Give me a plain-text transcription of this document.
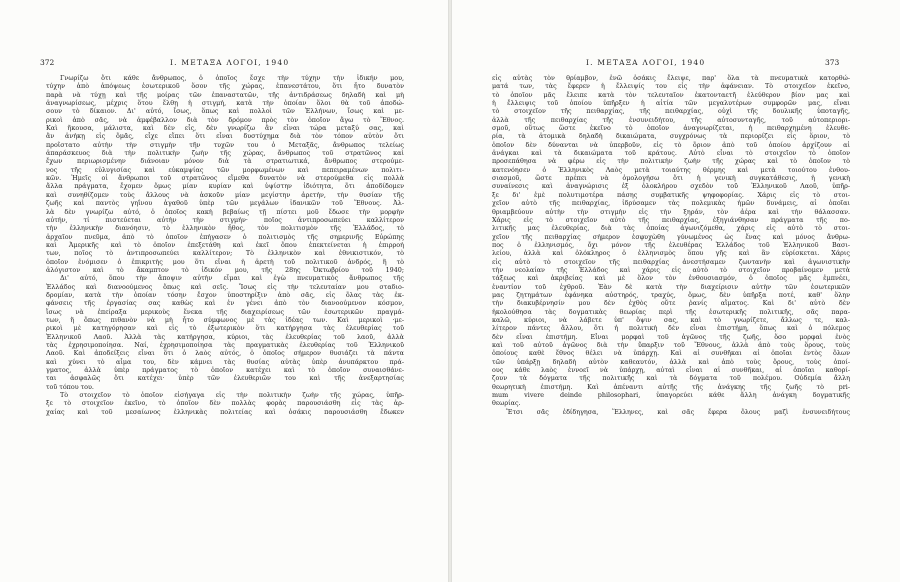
372	Ι. ΜΕΤΑΞΑ ΛΟΓΟΙ, 1940
Γνωρίζω ὅτι κάθε ἄνθρωπος, ὁ ὁποῖος ἔσχε τὴν τύχην τὴν ἰδικήν μου,
τύχην ἀπὸ ἀπόψεως ἐσωτερικοῦ ὅσον τῆς χώρας, ἐπανεστάτου, ὅτι ἦτο δυνατὸν
παρὰ νὰ τύχῃ καὶ τῆς μοίρας τῶν ἐπαναστατῶν, τῆς ἀντιδράσεως δηλαδὴ καὶ μὴ
ἀναγνωρίσεως, μέχρις ὅτου ἔλθῃ ἡ στιγμή, κατὰ τὴν ὁποίαν ὅλοι θὰ τοῦ ἀποδώ-
σουν τὸ δίκαιον. Δι' αὐτό, ἴσως, ὅπως καὶ πολλοὶ τῶν Ἑλλήνων, ἴσως καὶ με-
ρικοὶ ἀπὸ σᾶς, νὰ ἀμφέβαλλον διὰ τὸν δρόμον πρὸς τὸν ὁποῖον ἄγω τὸ Ἔθνος.
Καὶ ἤκουσα, μάλιστα, καὶ δὲν εἶς, δὲν γνωρίζω ἂν εἶναι τώρα μεταξύ σας, καὶ
ἂν ἀνήκῃ εἰς ὅμᾶς, εἶχε εἴπει ὅτι εἶναι δυστύχημα διὰ τὸν τόπον αὐτὸν ὅτι
προΐστατο αὐτὴν τὴν στιγμὴν τῆν τυχῶν του ὁ Μεταξᾶς, ἄνθρωπος τελείως
ἀπαράσκευος διὰ τὴν πολιτικὴν ζωὴν τῆς χώρας, ἄνθρωπος τοῦ στρατῶνος καὶ
ἔχων περιωρισμένην διάνοιαν μόνον διὰ τὰ στρατιωτικά, ἄνθρωπος στερούμε-
νος τῆς εὐλυγισίας καὶ εὐκαμψίας τῶν μορφωμένων καὶ πεπειραμένων πολιτι-
κῶν. Ἡμεῖς οἱ ἄνθρωποι τοῦ στρατῶνος εἴμεθα δυνατὸν νὰ στερούμεθα εἰς πολλὰ
ἄλλα πράγματα, ἔχομεν ὅμως μίαν κυρίαν καὶ ὑψίστην ἰδιότητα, ὅτι ἀποδίδομεν
καὶ συνηθίζομεν τοὺς ἄλλους νὰ ἀσκοῦν μίαν μεγίστην ἀρετήν, τὴν θυσίαν τῆς
ζωῆς καὶ παντὸς γηΐνου ἀγαθοῦ ὑπὲρ τῶν μεγάλων ἰδανικῶν τοῦ Ἔθνους. Ἀλ-
λὰ δὲν γνωρίζω αὐτό, ὁ ὁποῖος κακὴ βεβαίως τῇ πίστει μοῦ ἔδωσε τὴν μορφὴν
αὐτήν, τί πιστεύεται αὐτὴν τὴν στιγμήν· ποῖος ἀντιπροσωπεύει καλλίτερον
τὴν ἑλληνικὴν διανόησιν, τὸ ἑλληνικὸν ἦθος, τὸν πολιτισμὸν τῆς Ἑλλάδος, τὸ
ἀρχαῖον πνεῦμα, ἀπὸ τὸ ὁποῖον ἐπήγασεν ὁ πολιτισμὸς τῆς σημερινῆς Εὐρώπης
καὶ Ἀμερικῆς καὶ τὸ ὁποῖον ἐπεξετάθη καὶ ἐκεῖ ὅπου ἐπεκτείνεται ἡ ἐπιρροή
των, ποῖος τὸ ἀντιπροσωπεύει καλλίτερον; Τὸ ἑλληνικὸν καὶ ἐθνικιστικόν, τὸ
ὁποῖον ἐνόμισεν ὁ ἐπικριτὴς μου ὅτι εἶναι ἡ ἀρετὴ τοῦ πολιτικοῦ ἀνδρός, ἢ τὸ
ἀλόγιστον καὶ τὸ ἄκαμπτον τὸ ἰδικόν μου, τῆς 28ης Ὀκτωβρίου τοῦ 1940;
Δι' αὐτό, ὅπου τὴν ἄποψιν αὐτὴν εἶμαι καὶ ἐγὼ πνευματικὸς ἄνθρωπος τῆς
Ἑλλάδος καὶ διανοούμενος ὅπως καὶ σεῖς. Ἴσως εἰς τὴν τελευταίαν μου σταδιο-
δρομίαν, κατὰ τὴν ὁποίαν τόσην ἔσχον ὑποστηρίξιν ἀπὸ σᾶς, εἰς ὅλας τὰς ἐκ-
φάνσεις τῆς ἐργασίας σας καθὼς καὶ ἐν γένει ἀπὸ τὸν διανοούμενον κόσμον,
ἴσως νὰ ἐπείραξα μερικοὺς ἕνεκα τῆς διαχειρίσεως τῶν ἐσωτερικῶν πραγμά-
των, ἢ ὅπως πιθανὸν νὰ μὴ ἦτο σύμφωνος μὲ τὰς ἰδέας των. Καὶ μερικοὶ ·με-
ρικοὶ μὲ κατηγόρησαν καὶ εἰς τὸ ἐξωτερικὸν ὅτι κατήργησα τὰς ἐλευθερίας τοῦ
Ἑλληνικοῦ Λαοῦ. Ἀλλὰ τὰς κατήργησα, κύριοι, τὰς ἐλευθερίας τοῦ λαοῦ, ἀλλὰ
τὰς ἐχρησιμοποίησα. Ναί, ἐχρησιμοποίησα τὰς πραγματικὰς ἐλευθερίας τοῦ Ἑλληνικοῦ
Λαοῦ. Καὶ ἀποδείξεις εἶναι ὅτι ὁ λαὸς αὐτός, ὁ ὁποῖος σήμερον θυσιάζει τὰ πάντα
καὶ χύνει τὸ αἷμα του, δὲν κάμνει τὰς θυσίας αὐτὰς ὑπὲρ ἀνυπάρκτου πρά-
γματος, ἀλλὰ ὑπὲρ πράγματος τὸ ὁποῖον κατέχει καὶ τὸ ὁποῖον συναισθάνε-
ται ἀσφαλῶς ὅτι κατέχει· ὑπὲρ τῶν ἐλευθεριῶν του καὶ τῆς ἀνεξαρτησίας
τοῦ τόπου του.
Τὸ στοιχεῖον τὸ ὁποῖον εἰσήγαγα εἰς τὴν πολιτικὴν ζωὴν τῆς χώρας, ὑπῆρ-
ξε τὸ στοιχεῖον ἐκεῖνο, τὸ ὁποῖον δὲν πολλὰς φορὰς παρουσιάσθη εἰς τὰς ἀρ-
χαίας καὶ τοῦ μεσαίωνος ἑλληνικὰς πολιτείας καὶ ὁσάκις παρουσιάσθη ἔδωκεν
Ι. ΜΕΤΑΞΑ ΛΟΓΟΙ, 1940	373
εἰς αὐτὰς τὸν θρίαμβον, ἐνῶ ὁσάκις ἔλειψε, παρ' ὅλα τὰ πνευματικὰ κατορθώ-
ματά των, τὰς ἔφερεν ἡ ἔλλειψίς του εἰς τὴν ἀφάνειαν. Τὸ στοιχεῖον ἐκεῖνο,
τὸ ὁποῖον μᾶς ἔλειπε κατὰ τὸν τελευταῖον ἑκατονταετῆ ἐλεύθερον βίον μας καὶ
ἡ ἔλλειψις τοῦ ὁποίου ὑπῆρξεν ἡ αἰτία τῶν μεγαλυτέρων συμφορῶν μας, εἶναι
τὸ στοιχεῖον τῆς πειθαρχίας, τῆς πειθαρχίας, οὐχὶ τῆς δουλικῆς ὑποταγῆς,
ἀλλὰ τῆς πειθαρχίας τῆς ἐνσυνειδήτου, τῆς αὐτοσυνταγῆς, τοῦ αὐτοπεριορι-
σμοῦ, οὕτως ὥστε ἐκεῖνο τὸ ὁποῖον ἀναγνωρίζεται, ἡ πειθαρχημένη ἐλευθε-
ρία, τὰ ἀτομικὰ δηλαδὴ δικαιώματα, συγχρόνως τὰ περιορίζει εἰς ὅριον, τὸ
ὁποῖον δὲν δύνανται νὰ ὑπερβοῦν, εἰς τὸ ὅριον ἀπὸ τοῦ ὁποίου ἀρχίζουν αἱ
ἀνάγκαι καὶ τὰ δικαιώματα τοῦ κράτους. Αὐτὸ εἶναι τὸ στοιχεῖον τὸ ὁποῖον
προσεπάθησα νὰ φέρω εἰς τὴν πολιτικὴν ζωὴν τῆς χώρας καὶ τὸ ὁποῖον τὸ
κατενόησεν ὁ Ἑλληνικὸς Λαὸς μετὰ τοιαύτης θέρμης καὶ μετὰ τοιούτου ἐνθου-
σιασμοῦ, ὥστε πρέπει νὰ ὁμολογήσω ὅτι ἡ γενικὴ συγκατάθεσις, ἡ γενικὴ
συναίνεσις καὶ ἀναγνώρισις ἐξ ὁλοκλήρου σχεδὸν τοῦ Ἑλληνικοῦ Λαοῦ, ὑπῆρ-
ξε δι' ἐμὲ πολυτιμοτέρα πάσης συμβατικῆς ψηφοφορίας. Χάρις εἰς τὸ στοι-
χεῖον αὐτὸ τῆς πειθαρχίας, ἱδρύσαμεν τὰς πολεμικὰς ἡμῶν δυνάμεις, αἱ ὁποῖαι
θριαμβεύουν αὐτὴν τὴν στιγμὴν εἰς τὴν ξηράν, τὸν ἀέρα καὶ τὴν θάλασσαν.
Χάρις εἰς τὸ στοιχεῖον αὐτὸ τῆς πειθαρχίας, ἐξηγιάνθησαν πράγματα τῆς πο-
λιτικῆς μας ἐλευθερίας, διὰ τὰς ὁποίας ἀγωνιζόμεθα, χάρις εἰς αὐτὸ τὸ στοι-
χεῖον τῆς πειθαρχίας σήμερον ἐσφυχὼθη γύνωμένος ὡς ἕνας καὶ μόνος ἄνθρω-
πος ὁ ἑλληνισμός, ὄχι μόνον τῆς ἐλευθέρας Ἑλλάδος τοῦ Ἑλληνικοῦ Βασι-
λείου, ἀλλὰ καὶ ὁλόκληρος ὁ ἑλληνισμὸς ὅπου γῆς καὶ ἂν εὑρίσκεται. Χάρις
εἰς αὐτὸ τὸ στοιχεῖον τῆς πειθαρχίας ἀνεστήσαμεν ζωντανὴν καὶ ἀγωνιστικὴν
τὴν νεολαίαν τῆς Ἑλλάδος καὶ χάρις εἰς αὐτὸ τὸ στοιχεῖον προβαίνομεν μετὰ
τάξεως καὶ ἀκριβείας καὶ μὲ ὅλον τὸν ἐνθουσιασμόν, ὁ ὁποῖος μᾶς ἐμπνέει,
ἐναντίον τοῦ ἐχθροῦ. Ἐὰν δὲ κατὰ τὴν διαχείρισιν αὐτὴν τῶν ἐσωτερικῶν
μας ζητημάτων ἐφάνηκα αὐστηρός, τραχύς, ὅμως, δὲν ὑπῆρξα ποτέ, καθ' ὅλην
τὴν διακυβέρνησίν μου δὲν ἐχθὸς οὔτε ῥανίς αἵματος. Καὶ δι' αὐτὸ δὲν
ἠκολούθησα τὰς δογματικὰς θεωρίας περὶ τῆς ἐσωτερικῆς πολιτικῆς, σᾶς παρα-
καλῶ, κύριοι, νὰ λάβετε ὑπ' ὄψιν σας, καὶ τὸ γνωρίζετε, ἄλλως τε, καλ-
λίτερον πάντες ἄλλου, ὅτι ἡ πολιτικὴ δὲν εἶναι ἐπιστήμη, ὅπως καὶ ὁ πόλεμος
δὲν εἶναι ἐπιστήμη. Εἶναι μορφαὶ τοῦ ἀγῶνος τῆς ζωῆς, ὅσο μορφαὶ ἐνὸς
καὶ τοῦ αὐτοῦ ἀγῶνος διὰ τὴν ὕπαρξιν τοῦ Ἔθνους, ἀλλὰ ἀπὸ τοὺς ὅρους, τοὺς
ὁποίους καθὲ ἔθνος θέλει νὰ ὑπάρχῃ. Καὶ αἱ συνθῆκαι αἱ ὁποῖαι ἐντὸς ὅλων
τῶν ὑπάρξῃ δηλαδὴ αὐτὸν καθεαυτόν, ἀλλὰ καὶ ἀπὸ τοὺς ὅρους, τοὺς ὁποί-
ους κάθε λαὸς ἐννοεῖ νὰ ὑπάρχῃ, αὐταὶ εἶναι αἱ συνθῆκαι, αἱ ὁποῖαι καθορί-
ζουν τὰ δόγματα τῆς πολιτικῆς καὶ τὰ δόγματα τοῦ πολέμου. Οὐδεμία ἄλλη
θεωρητικὴ ἐπιστήμη. Καὶ ἀπέναντι αὐτῆς τῆς ἀνάγκης τῆς ζωῆς τὸ pri-
mum vivere deinde philosophari, ὑπαγορεύει κάθε ἄλλη ἀνάγκη δογματικῆς
θεωρίας.
Ἔτσι σᾶς ἐδίδηγησα, Ἕλληνες, καὶ σᾶς ἔφερα ὅλους μαζὶ ἐνσυνειδήτους
